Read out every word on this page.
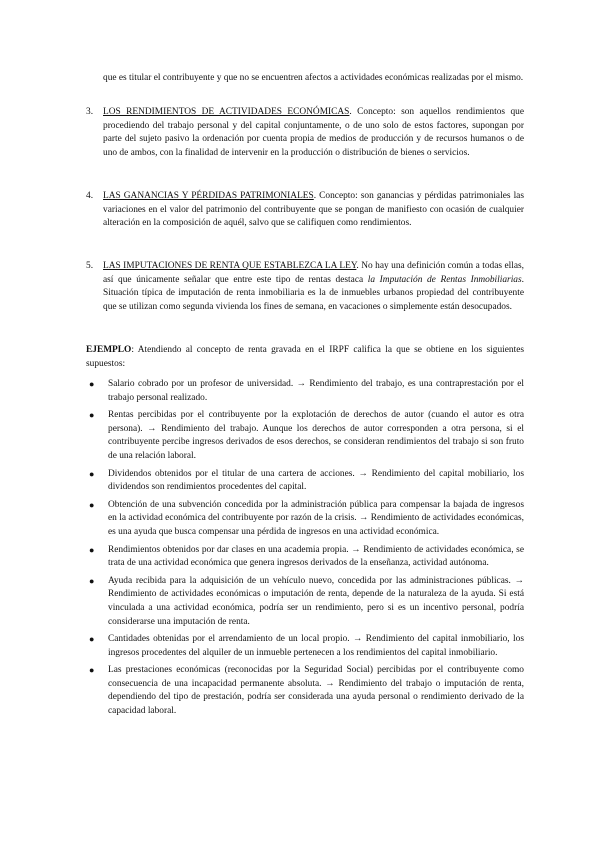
que es titular el contribuyente y que no se encuentren afectos a actividades económicas realizadas por el mismo.

3.	LOS RENDIMIENTOS DE ACTIVIDADES ECONÓMICAS. Concepto: son aquellos rendimientos que procediendo del trabajo personal y del capital conjuntamente, o de uno solo de estos factores, supongan por parte del sujeto pasivo la ordenación por cuenta propia de medios de producción y de recursos humanos o de uno de ambos, con la finalidad de intervenir en la producción o distribución de bienes o servicios.
4.	LAS GANANCIAS Y PÉRDIDAS PATRIMONIALES. Concepto: son ganancias y pérdidas patrimoniales las variaciones en el valor del patrimonio del contribuyente que se pongan de manifiesto con ocasión de cualquier alteración en la composición de aquél, salvo que se califiquen como rendimientos.
5.	LAS IMPUTACIONES DE RENTA QUE ESTABLEZCA LA LEY. No hay una definición común a todas ellas, así que únicamente señalar que entre este tipo de rentas destaca la Imputación de Rentas Inmobiliarias. Situación típica de imputación de renta inmobiliaria es la de inmuebles urbanos propiedad del contribuyente que se utilizan como segunda vivienda los fines de semana, en vacaciones o simplemente están desocupados.

EJEMPLO: Atendiendo al concepto de renta gravada en el IRPF califica la que se obtiene en los siguientes supuestos:

● Salario cobrado por un profesor de universidad. → Rendimiento del trabajo, es una contraprestación por el trabajo personal realizado.
● Rentas percibidas por el contribuyente por la explotación de derechos de autor (cuando el autor es otra persona). → Rendimiento del trabajo. Aunque los derechos de autor corresponden a otra persona, si el contribuyente percibe ingresos derivados de esos derechos, se consideran rendimientos del trabajo si son fruto de una relación laboral.
● Dividendos obtenidos por el titular de una cartera de acciones. → Rendimiento del capital mobiliario, los dividendos son rendimientos procedentes del capital.
● Obtención de una subvención concedida por la administración pública para compensar la bajada de ingresos en la actividad económica del contribuyente por razón de la crisis. → Rendimiento de actividades económicas, es una ayuda que busca compensar una pérdida de ingresos en una actividad económica.
● Rendimientos obtenidos por dar clases en una academia propia. → Rendimiento de actividades económica, se trata de una actividad económica que genera ingresos derivados de la enseñanza, actividad autónoma.
● Ayuda recibida para la adquisición de un vehículo nuevo, concedida por las administraciones públicas. → Rendimiento de actividades económicas o imputación de renta, depende de la naturaleza de la ayuda. Si está vinculada a una actividad económica, podría ser un rendimiento, pero si es un incentivo personal, podría considerarse una imputación de renta.
● Cantidades obtenidas por el arrendamiento de un local propio. → Rendimiento del capital inmobiliario, los ingresos procedentes del alquiler de un inmueble pertenecen a los rendimientos del capital inmobiliario.
● Las prestaciones económicas (reconocidas por la Seguridad Social) percibidas por el contribuyente como consecuencia de una incapacidad permanente absoluta. → Rendimiento del trabajo o imputación de renta, dependiendo del tipo de prestación, podría ser considerada una ayuda personal o rendimiento derivado de la capacidad laboral.
